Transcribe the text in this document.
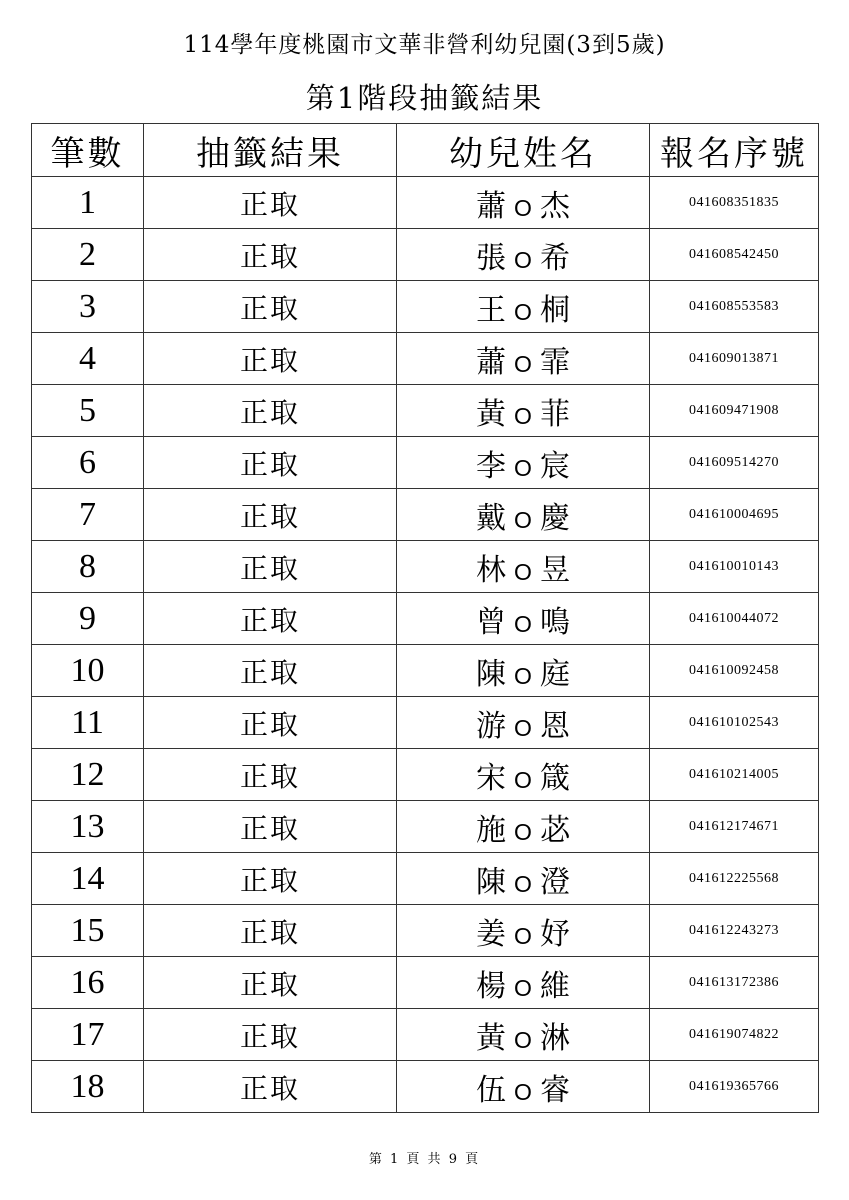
114學年度桃園市文華非營利幼兒園(3到5歲)
第1階段抽籤結果
筆數	抽籤結果	幼兒姓名	報名序號
1	正取	蕭 O 杰	041608351835
2	正取	張 O 希	041608542450
3	正取	王 O 桐	041608553583
4	正取	蕭 O 霏	041609013871
5	正取	黃 O 菲	041609471908
6	正取	李 O 宸	041609514270
7	正取	戴 O 慶	041610004695
8	正取	林 O 昱	041610010143
9	正取	曾 O 鳴	041610044072
10	正取	陳 O 庭	041610092458
11	正取	游 O 恩	041610102543
12	正取	宋 O 箴	041610214005
13	正取	施 O 苾	041612174671
14	正取	陳 O 澄	041612225568
15	正取	姜 O 妤	041612243273
16	正取	楊 O 維	041613172386
17	正取	黃 O 淋	041619074822
18	正取	伍 O 睿	041619365766
第 1 頁 共 9 頁
